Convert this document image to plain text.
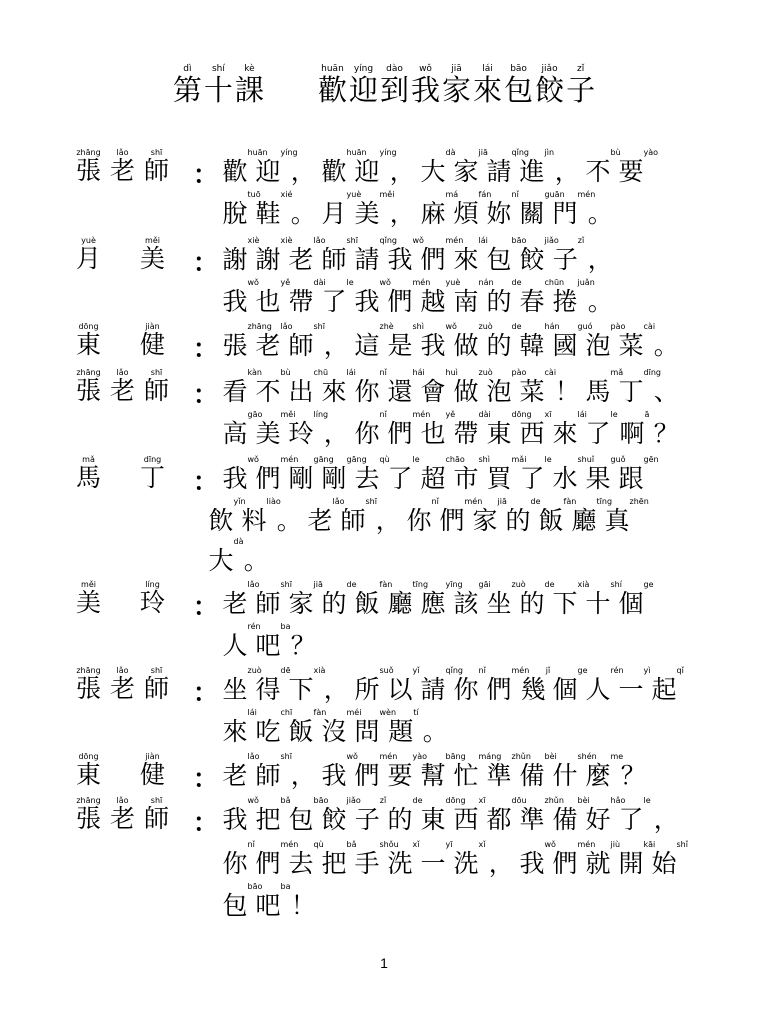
第dì
十shí
課kè
歡huān
迎yíng
到dào
我wǒ
家jiā
來lái
包bāo
餃jiǎo
子zǐ
張zhāng老lǎo師shī
： 歡huān迎yíng， 歡huān迎yíng， 大dà家jiā請qǐng進jìn， 不bù要yào
脫tuō鞋xié。 月yuè美měi， 麻má煩fán妳nǐ關guān門mén。
月yuè美měi
： 謝xiè謝xiè老lǎo師shī請qǐng我wǒ們mén來lái包bāo餃jiǎo子zǐ，
我wǒ也yě帶dài了le我wǒ們mén越yuè南nán的de春chūn捲juǎn。
東dōng健jiàn
： 張zhāng老lǎo師shī， 這zhè是shì我wǒ做zuò的de韓hán國guó泡pào菜cài。
張zhāng老lǎo師shī
： 看kàn不bù出chū來lái你nǐ還hái會huì做zuò泡pào菜cài！ 馬mǎ丁dīng、
高gāo美měi玲líng， 你nǐ們mén也yě帶dài東dōng西xī來lái了le啊ā？
馬mǎ丁dīng
： 我wǒ們mén剛gāng剛gāng去qù了le超chāo市shì買mǎi了le水shuǐ果guǒ跟gēn
飲yǐn料liào。 老lǎo師shī， 你nǐ們mén家jiā的de飯fàn廳tīng真zhēn
大dà。
美měi玲líng
： 老lǎo師shī家jiā的de飯fàn廳tīng應yīng該gāi坐zuò的de下xià十shí個ge
人rén吧ba？
張zhāng老lǎo師shī
： 坐zuò得dē下xià， 所suǒ以yǐ請qǐng你nǐ們mén幾jǐ個ge人rén一yì起qǐ
來lái吃chī飯fàn沒méi問wèn題tí。
東dōng健jiàn
： 老lǎo師shī， 我wǒ們mén要yào幫bāng忙máng準zhǔn備bèi什shén麼me？
張zhāng老lǎo師shī
： 我wǒ把bǎ包bāo餃jiǎo子zǐ的de東dōng西xī都dōu準zhǔn備bèi好hǎo了le，
你nǐ們mén去qù把bǎ手shǒu洗xǐ一yī洗xǐ， 我wǒ們mén就jiù開kāi始shǐ
包bāo吧ba！
1
